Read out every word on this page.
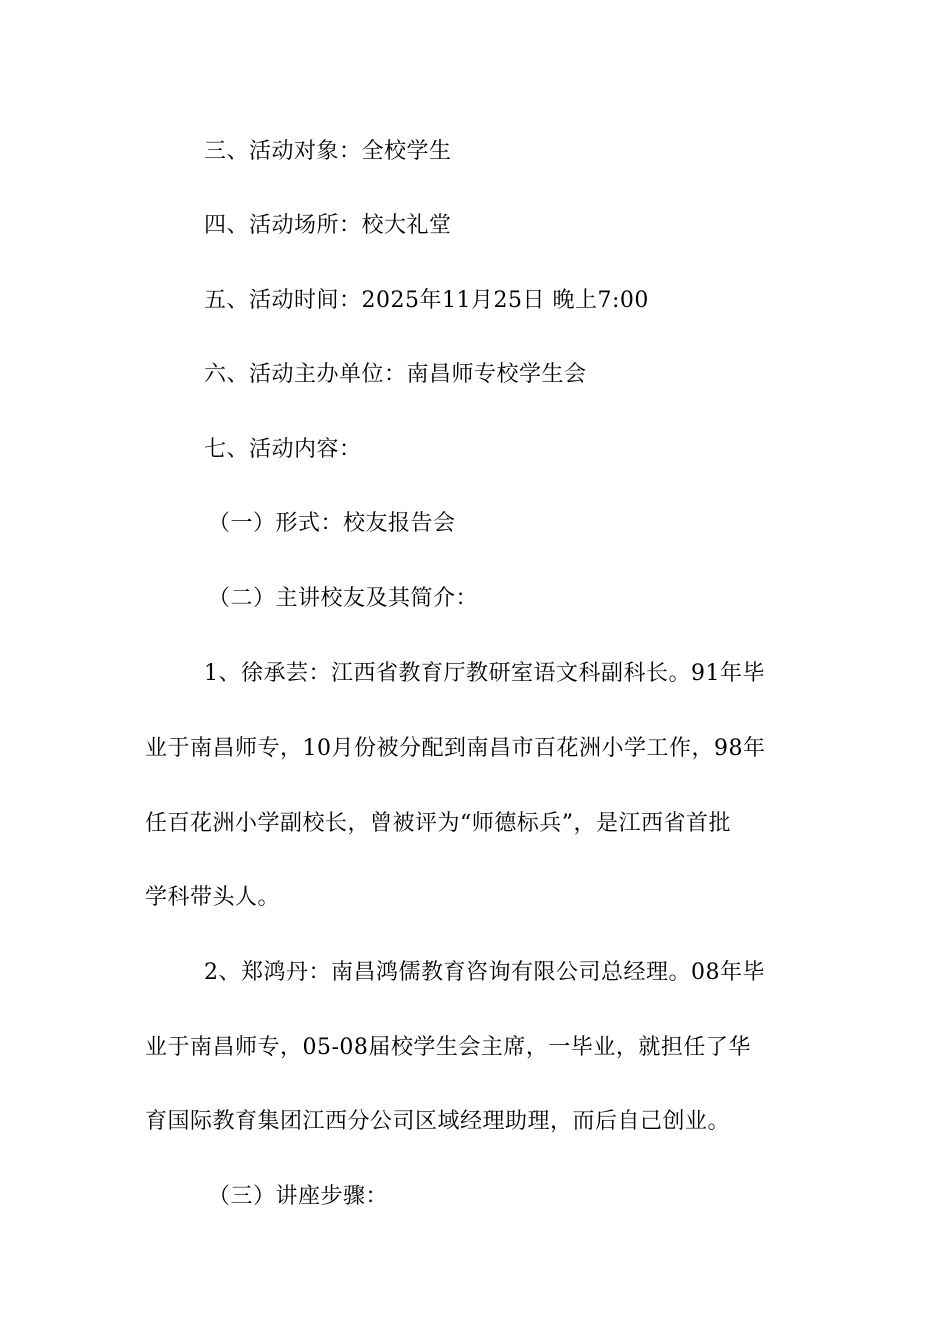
三、活动对象：全校学生
四、活动场所：校大礼堂
五、活动时间：2025年11月25日 晚上7:00
六、活动主办单位：南昌师专校学生会
七、活动内容：
（一）形式：校友报告会
（二）主讲校友及其简介：
1、徐承芸：江西省教育厅教研室语文科副科长。91年毕
业于南昌师专，10月份被分配到南昌市百花洲小学工作，98年
任百花洲小学副校长，曾被评为“师德标兵”，是江西省首批
学科带头人。
2、郑鸿丹：南昌鸿儒教育咨询有限公司总经理。08年毕
业于南昌师专，05-08届校学生会主席，一毕业，就担任了华
育国际教育集团江西分公司区域经理助理，而后自己创业。
（三）讲座步骤：
